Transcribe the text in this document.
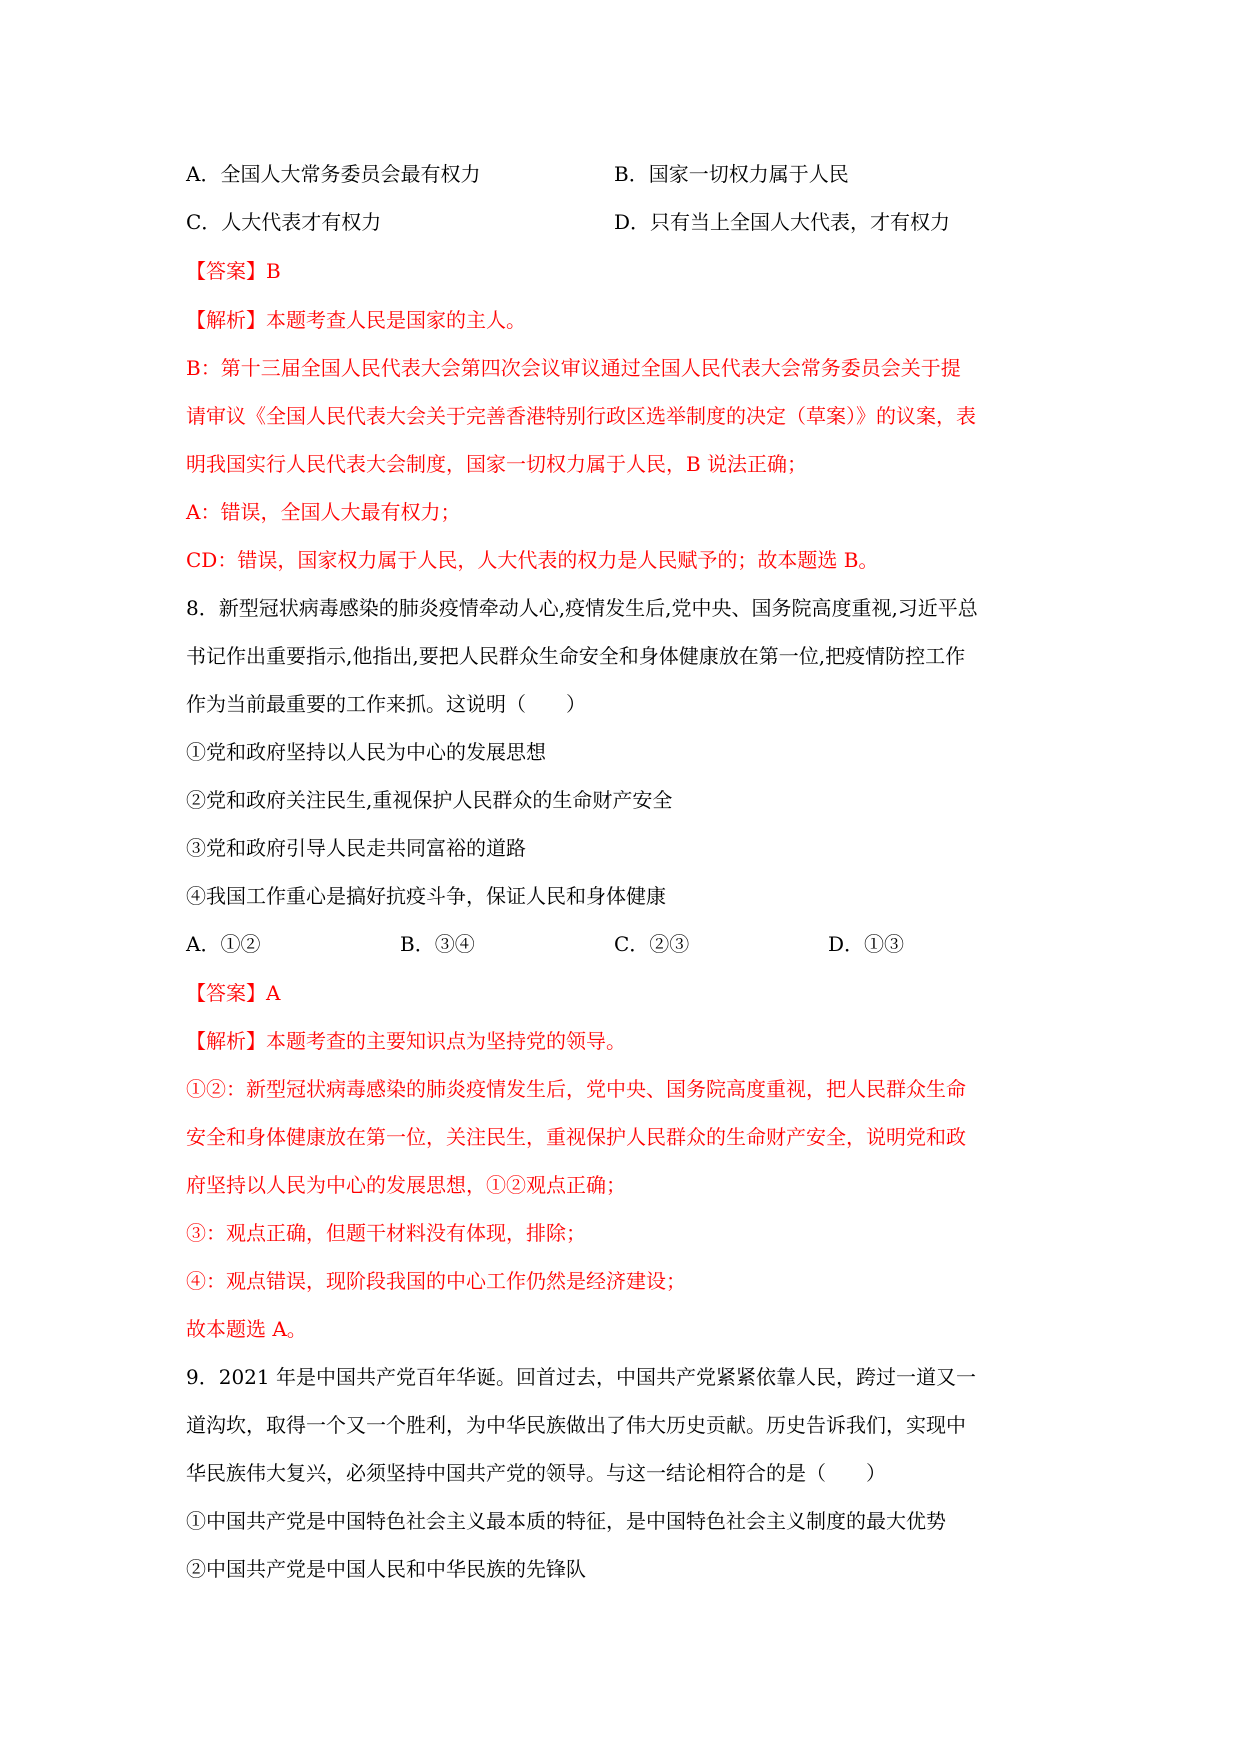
A．全国人大常务委员会最有权力	B．国家一切权力属于人民
C．人大代表才有权力	D．只有当上全国人大代表，才有权力
【答案】B
【解析】本题考查人民是国家的主人。
B：第十三届全国人民代表大会第四次会议审议通过全国人民代表大会常务委员会关于提
请审议《全国人民代表大会关于完善香港特别行政区选举制度的决定（草案）》的议案，表
明我国实行人民代表大会制度，国家一切权力属于人民，B 说法正确；
A：错误，全国人大最有权力；
CD：错误，国家权力属于人民，人大代表的权力是人民赋予的；故本题选 B。
8．新型冠状病毒感染的肺炎疫情牵动人心,疫情发生后,党中央、国务院高度重视,习近平总
书记作出重要指示,他指出,要把人民群众生命安全和身体健康放在第一位,把疫情防控工作
作为当前最重要的工作来抓。这说明（　　）
①党和政府坚持以人民为中心的发展思想
②党和政府关注民生,重视保护人民群众的生命财产安全
③党和政府引导人民走共同富裕的道路
④我国工作重心是搞好抗疫斗争，保证人民和身体健康
A．①②	B．③④	C．②③	D．①③
【答案】A
【解析】本题考查的主要知识点为坚持党的领导。
①②：新型冠状病毒感染的肺炎疫情发生后，党中央、国务院高度重视，把人民群众生命
安全和身体健康放在第一位，关注民生，重视保护人民群众的生命财产安全，说明党和政
府坚持以人民为中心的发展思想，①②观点正确；
③：观点正确，但题干材料没有体现，排除；
④：观点错误，现阶段我国的中心工作仍然是经济建设；
故本题选 A。
9．2021 年是中国共产党百年华诞。回首过去，中国共产党紧紧依靠人民，跨过一道又一
道沟坎，取得一个又一个胜利，为中华民族做出了伟大历史贡献。历史告诉我们，实现中
华民族伟大复兴，必须坚持中国共产党的领导。与这一结论相符合的是（　　）
①中国共产党是中国特色社会主义最本质的特征，是中国特色社会主义制度的最大优势
②中国共产党是中国人民和中华民族的先锋队
